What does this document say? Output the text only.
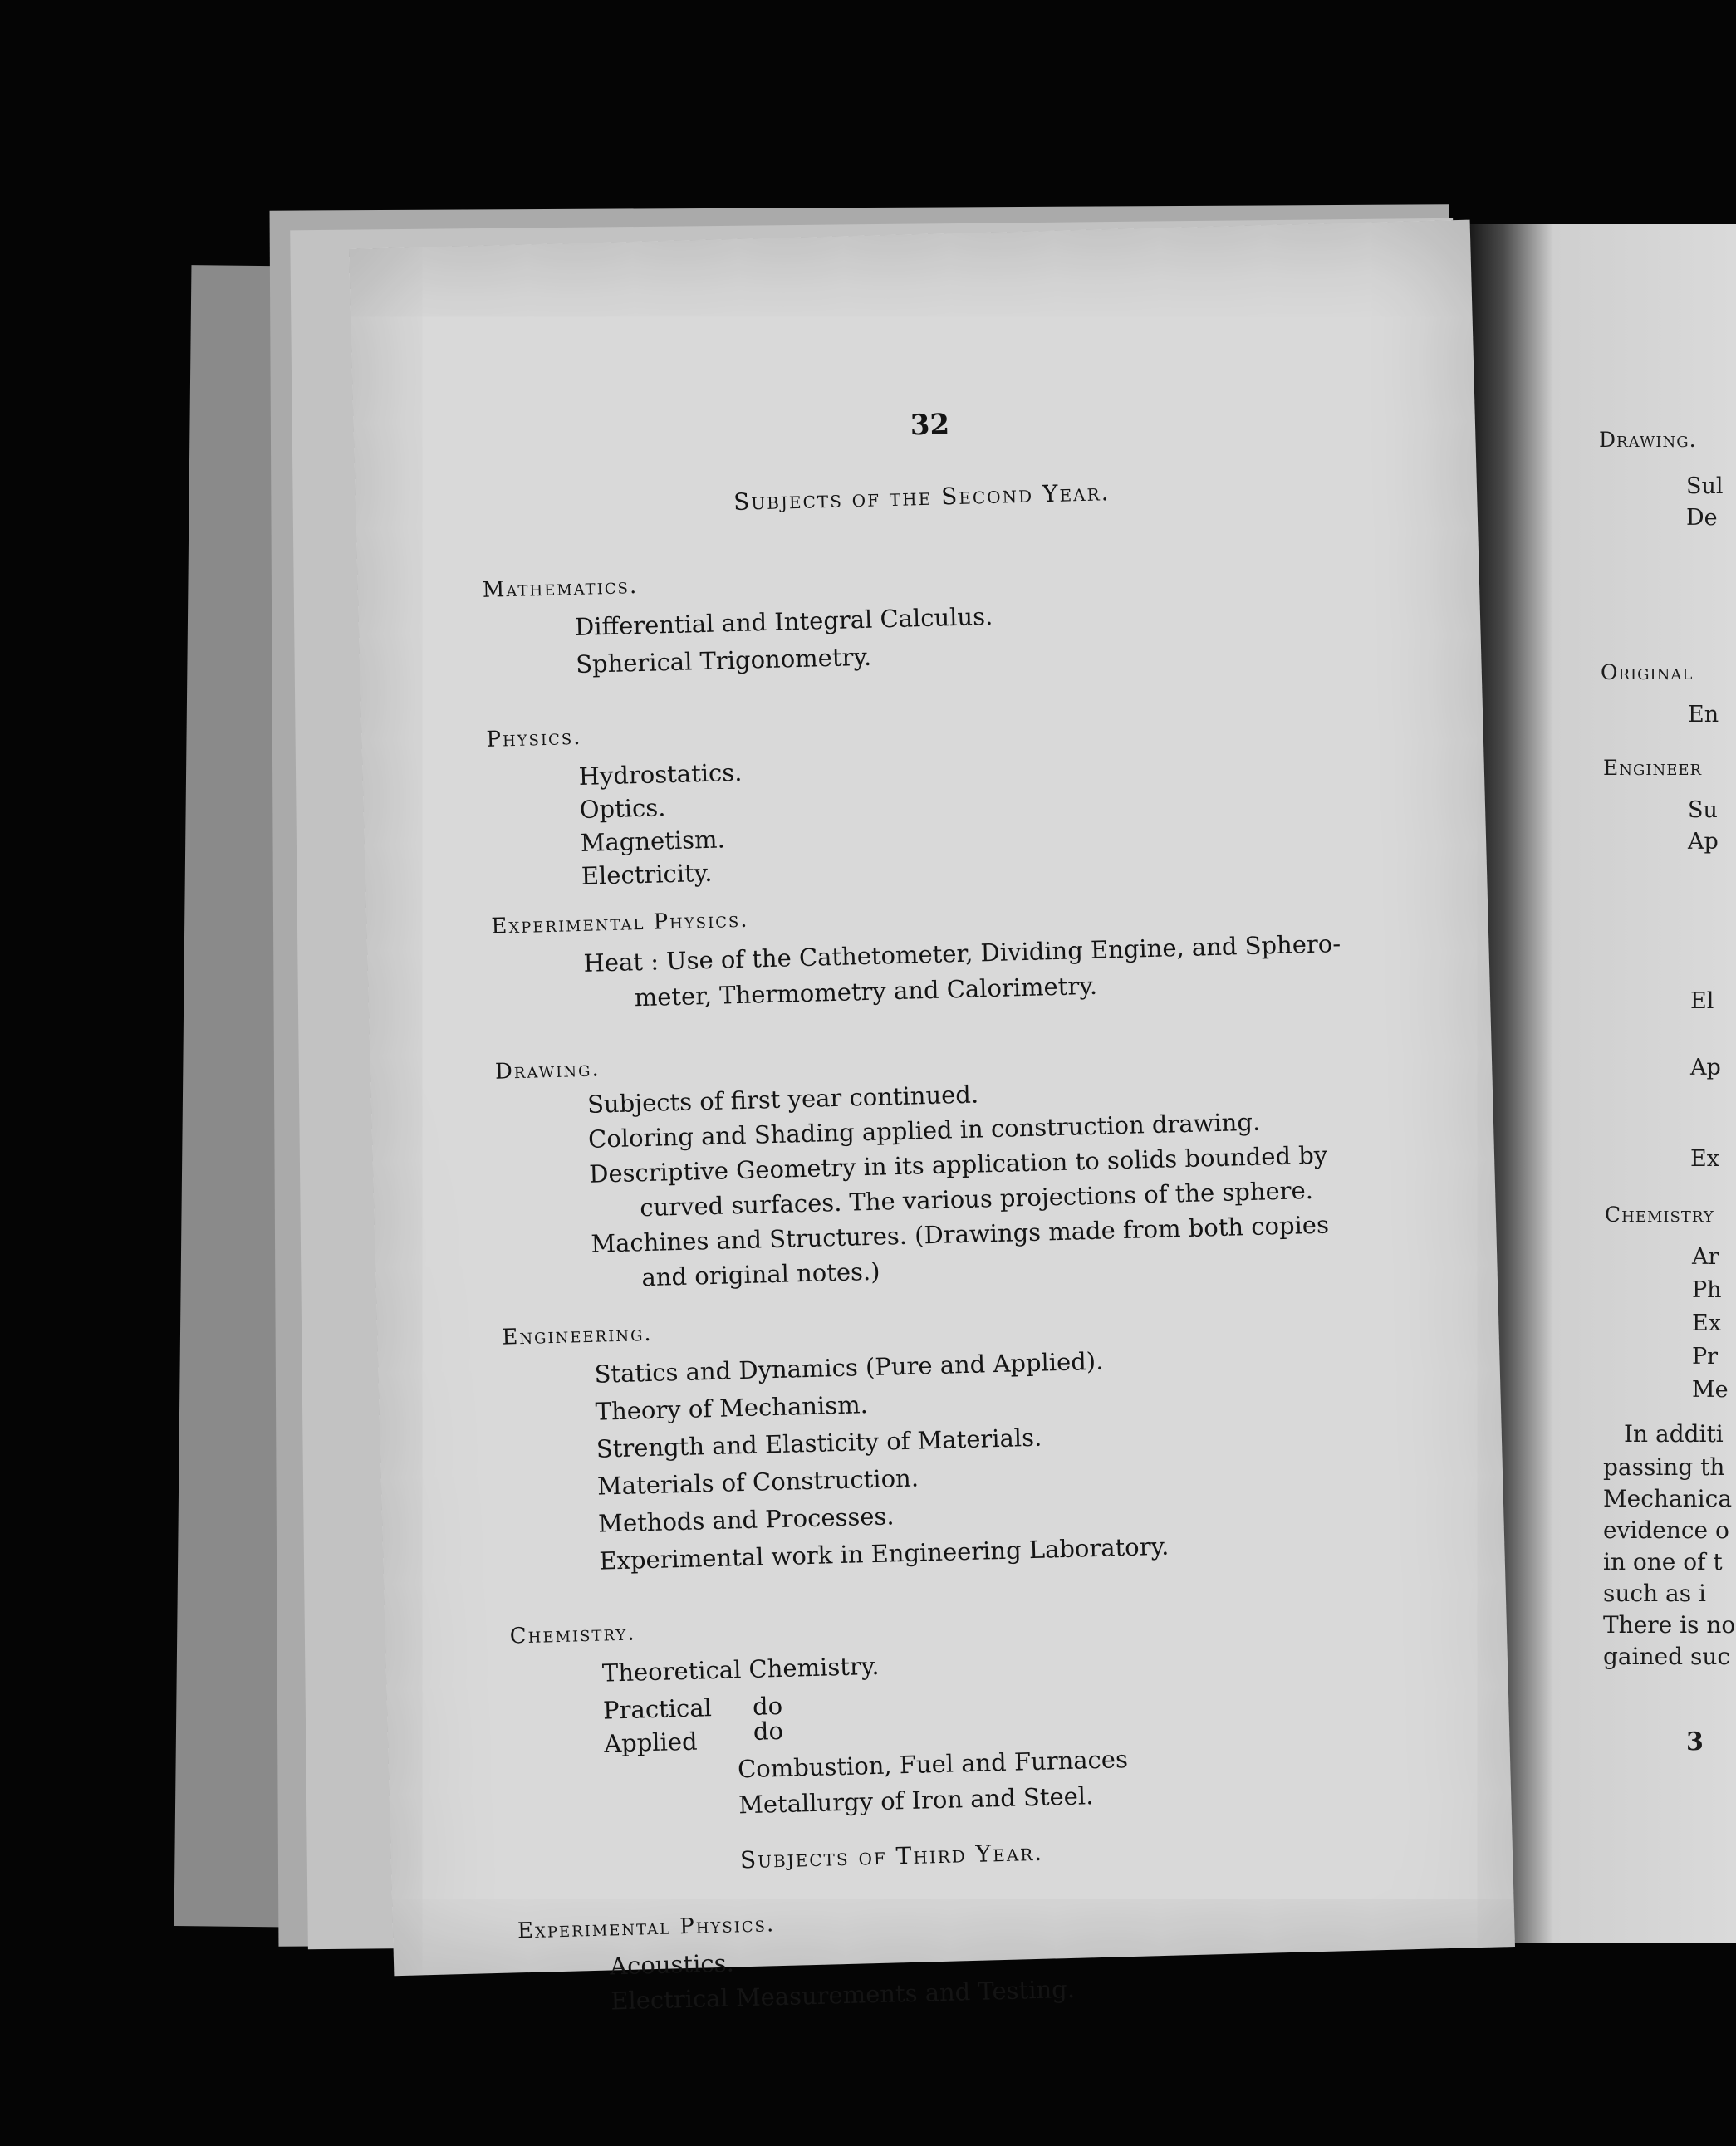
Drawing.
Sul
De
Original
En
Engineer
Su
Ap
El
Ap
Ex
Chemistry
Ar
Ph
Ex
Pr
Me
In additi
passing th
Mechanica
evidence o
in one of t
such as i
There is no
gained suc
3
32
Subjects of the Second Year.
Mathematics.
Differential and Integral Calculus.
Spherical Trigonometry.
Physics.
Hydrostatics.
Optics.
Magnetism.
Electricity.
Experimental Physics.
Heat : Use of the Cathetometer, Dividing Engine, and Sphero-
meter, Thermometry and Calorimetry.
Drawing.
Subjects of first year continued.
Coloring and Shading applied in construction drawing.
Descriptive Geometry in its application to solids bounded by
curved surfaces. The various projections of the sphere.
Machines and Structures. (Drawings made from both copies
and original notes.)
Engineering.
Statics and Dynamics (Pure and Applied).
Theory of Mechanism.
Strength and Elasticity of Materials.
Materials of Construction.
Methods and Processes.
Experimental work in Engineering Laboratory.
Chemistry.
Theoretical Chemistry.
Practical do
Applied do
Combustion, Fuel and Furnaces
Metallurgy of Iron and Steel.
Subjects of Third Year.
Experimental Physics.
Acoustics.
Electrical Measurements and Testing.
